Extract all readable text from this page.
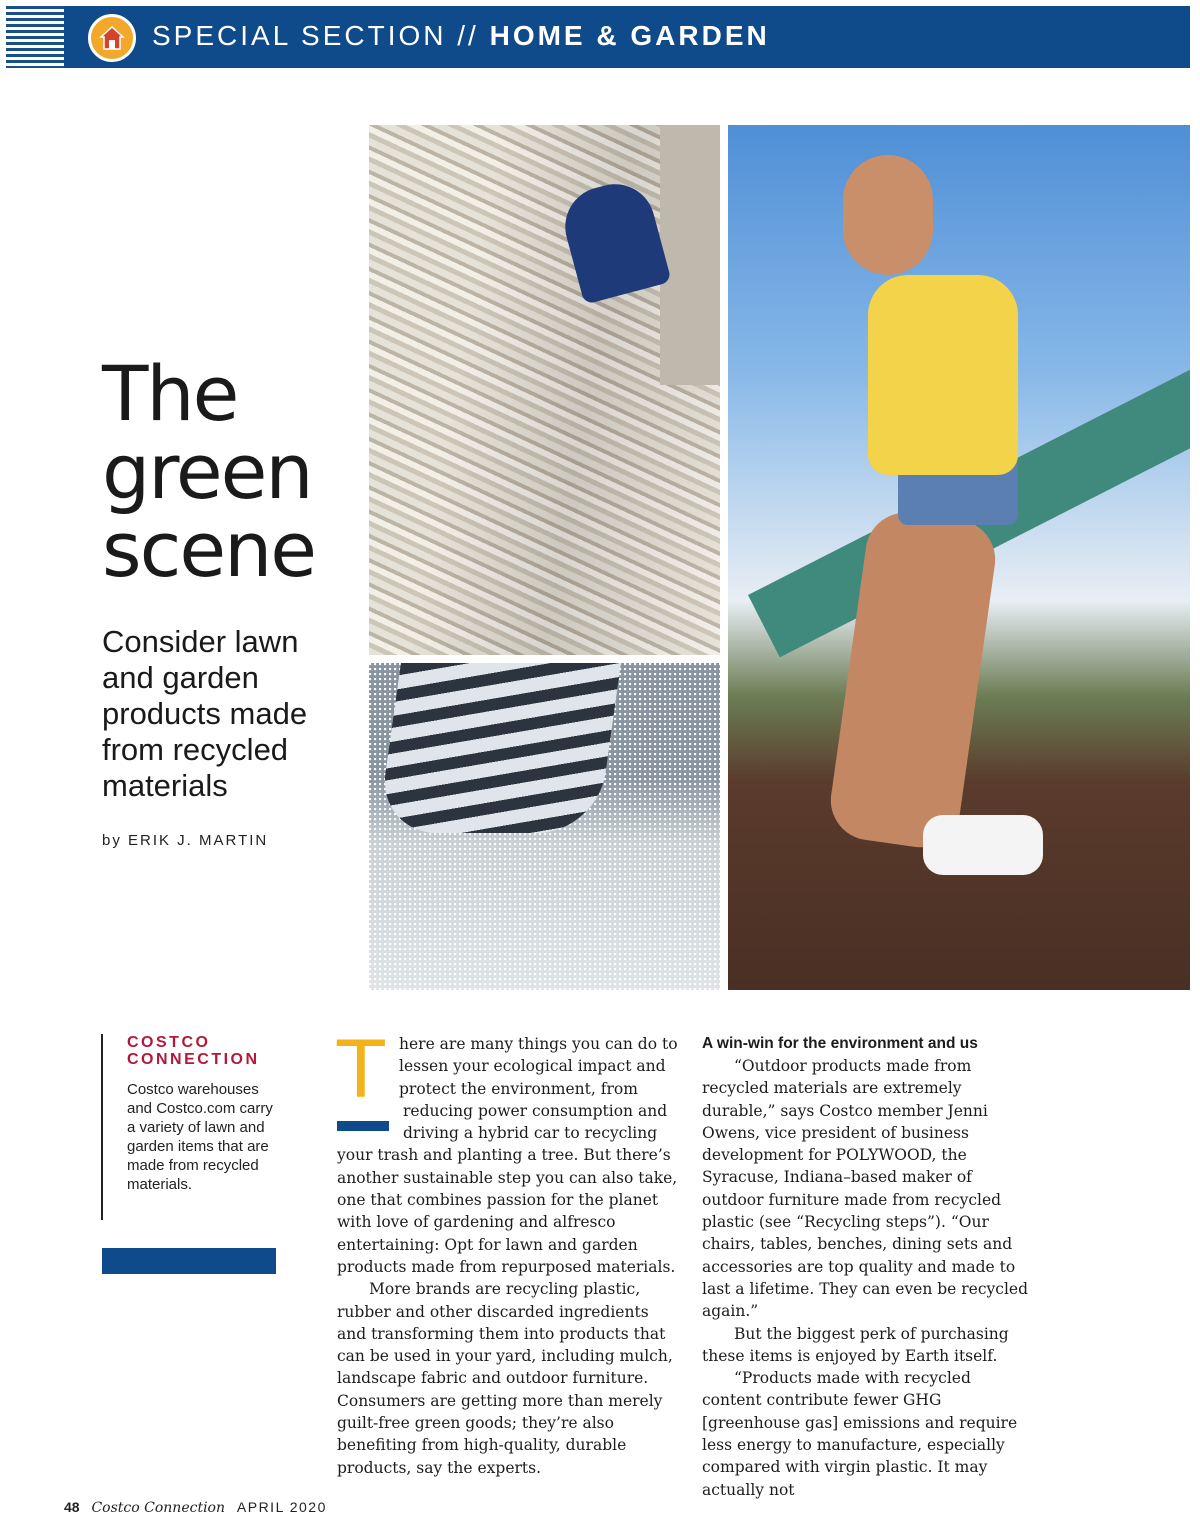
SPECIAL SECTION // HOME & GARDEN
The
green
scene

Consider lawn and garden products made from recycled materials

by ERIK J. MARTIN

COSTCO CONNECTION

Costco warehouses and Costco.com carry a variety of lawn and garden items that are made from recycled materials.

T here are many things you can do to lessen your ecological impact and protect the environment, from reducing power consumption and driving a hybrid car to recycling your trash and planting a tree. But there’s another sustainable step you can also take, one that combines passion for the planet with love of gardening and alfresco entertaining: Opt for lawn and garden products made from repurposed materials.

More brands are recycling plastic, rubber and other discarded ingredients and transforming them into products that can be used in your yard, including mulch, landscape fabric and outdoor furniture. Consumers are getting more than merely guilt-free green goods; they’re also benefiting from high-quality, durable products, say the experts.

A win-win for the environment and us

“Outdoor products made from recycled materials are extremely durable,” says Costco member Jenni Owens, vice president of business development for POLYWOOD, the Syracuse, Indiana–based maker of outdoor furniture made from recycled plastic (see “Recycling steps”). “Our chairs, tables, benches, dining sets and accessories are top quality and made to last a lifetime. They can even be recycled again.”

But the biggest perk of purchasing these items is enjoyed by Earth itself.

“Products made with recycled content contribute fewer GHG [greenhouse gas] emissions and require less energy to manufacture, especially compared with virgin plastic. It may actually not

48 Costco Connection APRIL 2020
